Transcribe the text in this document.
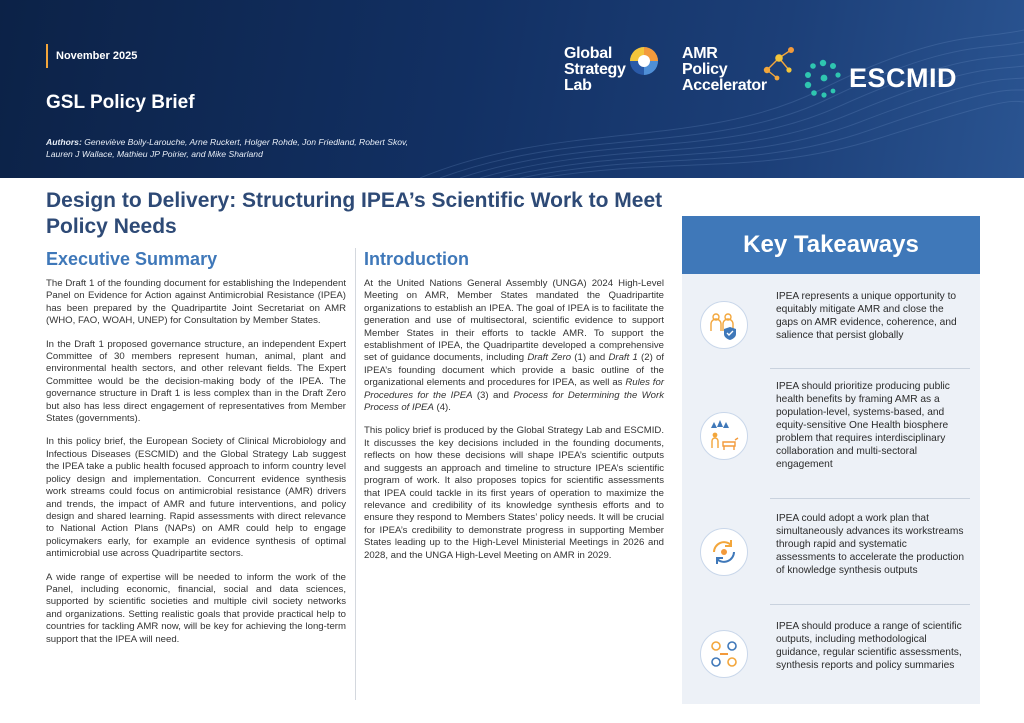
November 2025
GSL Policy Brief
Authors: Geneviève Boily-Larouche, Arne Ruckert, Holger Rohde, Jon Friedland, Robert Skov, Lauren J Wallace, Mathieu JP Poirier, and Mike Sharland
Global
Strategy
Lab
AMR
Policy
Accelerator	ESCMID
Design to Delivery: Structuring IPEA’s Scientific Work to Meet Policy Needs
Executive Summary

The Draft 1 of the founding document for establishing the Independent Panel on Evidence for Action against Antimicrobial Resistance (IPEA) has been prepared by the Quadripartite Joint Secretariat on AMR (WHO, FAO, WOAH, UNEP) for Consultation by Member States.

In the Draft 1 proposed governance structure, an independent Expert Committee of 30 members represent human, animal, plant and environmental health sectors, and other relevant fields. The Expert Committee would be the decision-making body of the IPEA. The governance structure in Draft 1 is less complex than in the Draft Zero but also has less direct engagement of representatives from Member States (governments).

In this policy brief, the European Society of Clinical Microbiology and Infectious Diseases (ESCMID) and the Global Strategy Lab suggest the IPEA take a public health focused approach to inform country level policy design and implementation. Concurrent evidence synthesis work streams could focus on antimicrobial resistance (AMR) drivers and trends, the impact of AMR and future interventions, and policy design and shared learning. Rapid assessments with direct relevance to National Action Plans (NAPs) on AMR could help to engage policymakers early, for example an evidence synthesis of optimal antimicrobial use across Quadripartite sectors.

A wide range of expertise will be needed to inform the work of the Panel, including economic, financial, social and data sciences, supported by scientific societies and multiple civil society networks and organizations. Setting realistic goals that provide practical help to countries for tackling AMR now, will be key for achieving the long-term support that the IPEA will need.

Introduction

At the United Nations General Assembly (UNGA) 2024 High-Level Meeting on AMR, Member States mandated the Quadripartite organizations to establish an IPEA. The goal of IPEA is to facilitate the generation and use of multisectoral, scientific evidence to support Member States in their efforts to tackle AMR. To support the establishment of IPEA, the Quadripartite developed a comprehensive set of guidance documents, including Draft Zero (1) and Draft 1 (2) of IPEA’s founding document which provide a basic outline of the organizational elements and procedures for IPEA, as well as Rules for Procedures for the IPEA (3) and Process for Determining the Work Process of IPEA (4).

This policy brief is produced by the Global Strategy Lab and ESCMID. It discusses the key decisions included in the founding documents, reflects on how these decisions will shape IPEA’s scientific outputs and suggests an approach and timeline to structure IPEA’s scientific program of work. It also proposes topics for scientific assessments that IPEA could tackle in its first years of operation to maximize the relevance and credibility of its knowledge synthesis efforts and to ensure they respond to Members States’ policy needs. It will be crucial for IPEA’s credibility to demonstrate progress in supporting Member States leading up to the High-Level Ministerial Meetings in 2026 and 2028, and the UNGA High-Level Meeting on AMR in 2029.

Key Takeaways
IPEA represents a unique opportunity to equitably mitigate AMR and close the gaps on AMR evidence, coherence, and salience that persist globally
IPEA should prioritize producing public health benefits by framing AMR as a population-level, systems-based, and equity-sensitive One Health biosphere problem that requires interdisciplinary collaboration and multi-sectoral engagement
IPEA could adopt a work plan that simultaneously advances its workstreams through rapid and systematic assessments to accelerate the production of knowledge synthesis outputs
IPEA should produce a range of scientific outputs, including methodological guidance, regular scientific assessments, synthesis reports and policy summaries
